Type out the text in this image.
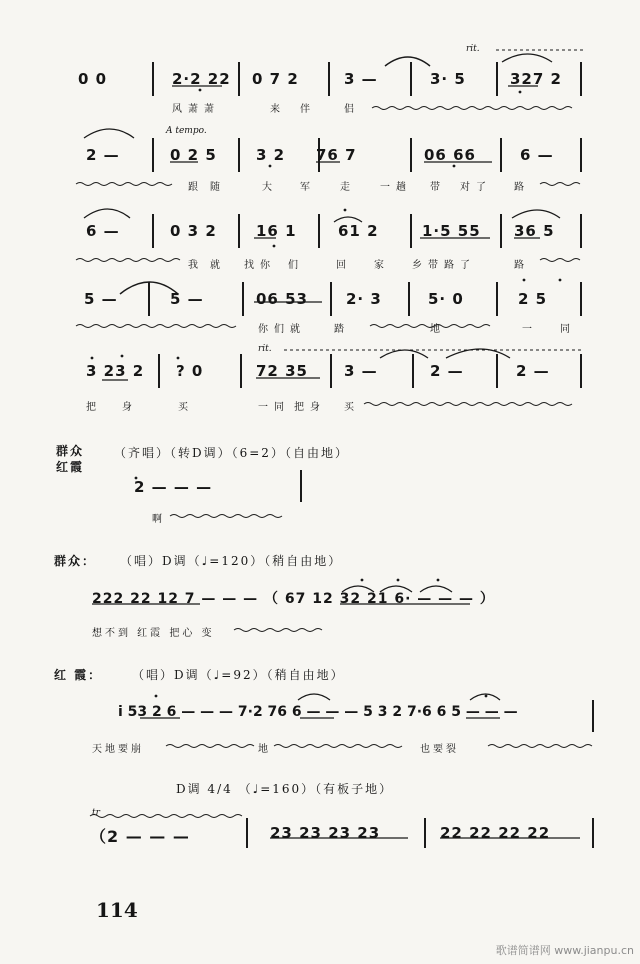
rit.
A tempo.
rit.
tr
0 0	2·2 22 0 7 2	3 —	3· 5	327 2
风萧萧	来 伴	侣
2 —	0 2 5	3 2 76 7	06 66	6 —
跟 随	大 军 走 一趟 带 对了 路
6 —	0 3 2	16 1	61 2	1·5 55 36 5
我 就 找你 们	回 家 乡带路了	路
5 —	5 —	06 53	2· 3	5· 0	2 5
你们就	踏	地	一 同
3 23 2 ? 0	72 35 3 —	2 —	2 —
把 身	买	一同 把身 买
群众
红霞
（齐唱）（转D调）（6=2）（自由地）
2 — — —
啊
群众： （唱）D调（♩=120）（稍自由地）
222 22 12 7 — — — （ 67 12 32 21 6· — — — ）
想不到 红霞 把心 变
红 霞： （唱）D调（♩=92）（稍自由地）
i 53 2 6 — — — 7·2 76 6 — — — 5 3 2 7·6 6 5 — — —
天地要崩	地	也要裂
D调 4/4 （♩=160）（有板子地）
（2 — — —	23 23 23 23	22 22 22 22
114
歌谱简谱网 www.jianpu.cn
